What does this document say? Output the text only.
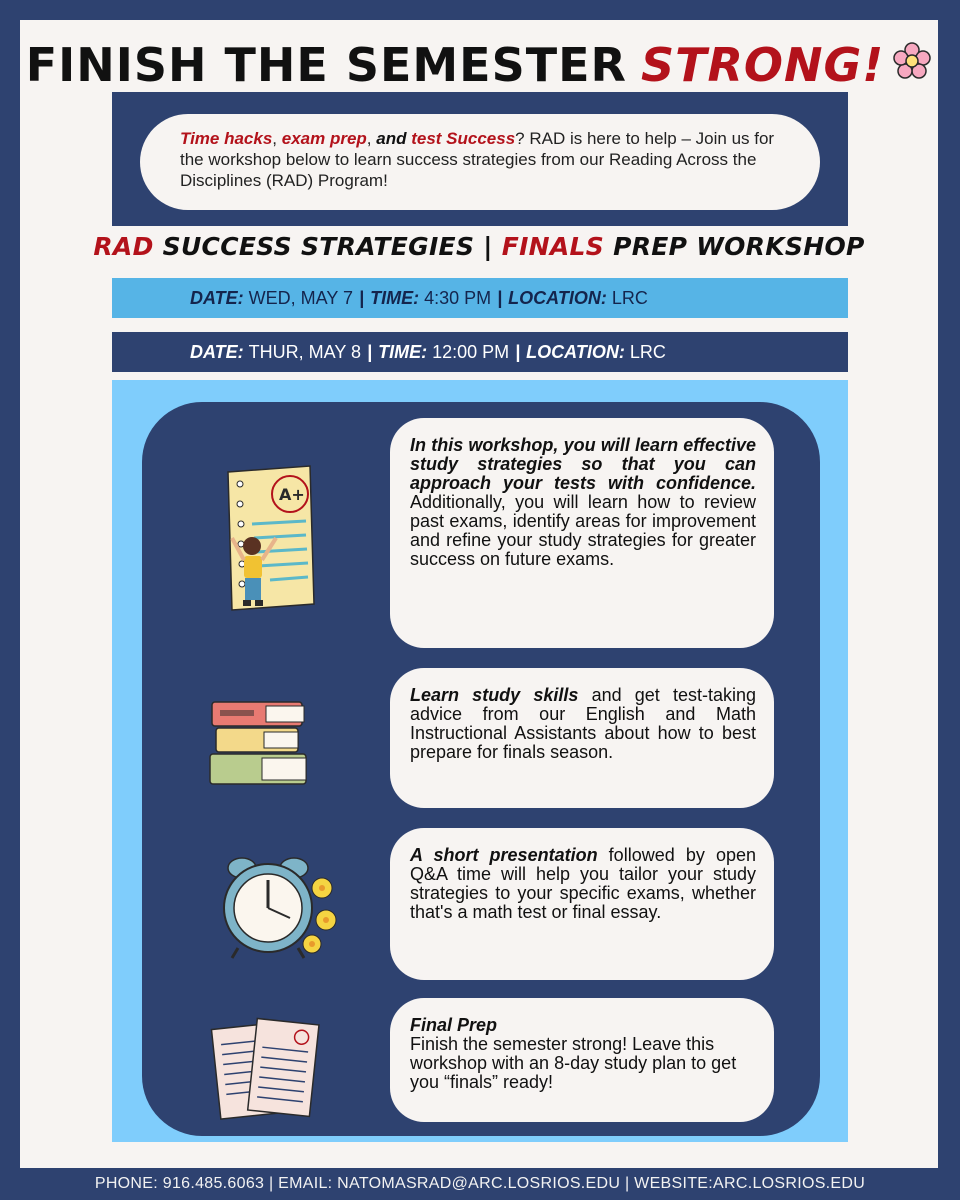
FINISH THE SEMESTER STRONG!
Time hacks, exam prep, and test Success? RAD is here to help – Join us for the workshop below to learn success strategies from our Reading Across the Disciplines (RAD) Program!
RAD SUCCESS STRATEGIES | FINALS PREP WORKSHOP
DATE: WED, MAY 7 | TIME: 4:30 PM | LOCATION: LRC
DATE: THUR, MAY 8 | TIME: 12:00 PM | LOCATION: LRC
A+
In this workshop, you will learn effective study strategies so that you can approach your tests with confidence. Additionally, you will learn how to review past exams, identify areas for improvement and refine your study strategies for greater success on future exams.
Learn study skills and get test-taking advice from our English and Math Instructional Assistants about how to best prepare for finals season.
A short presentation followed by open Q&A time will help you tailor your study strategies to your specific exams, whether that's a math test or final essay.
Final Prep
Finish the semester strong! Leave this workshop with an 8-day study plan to get you “finals” ready!
PHONE: 916.485.6063 | EMAIL: NATOMASRAD@ARC.LOSRIOS.EDU | WEBSITE:ARC.LOSRIOS.EDU
